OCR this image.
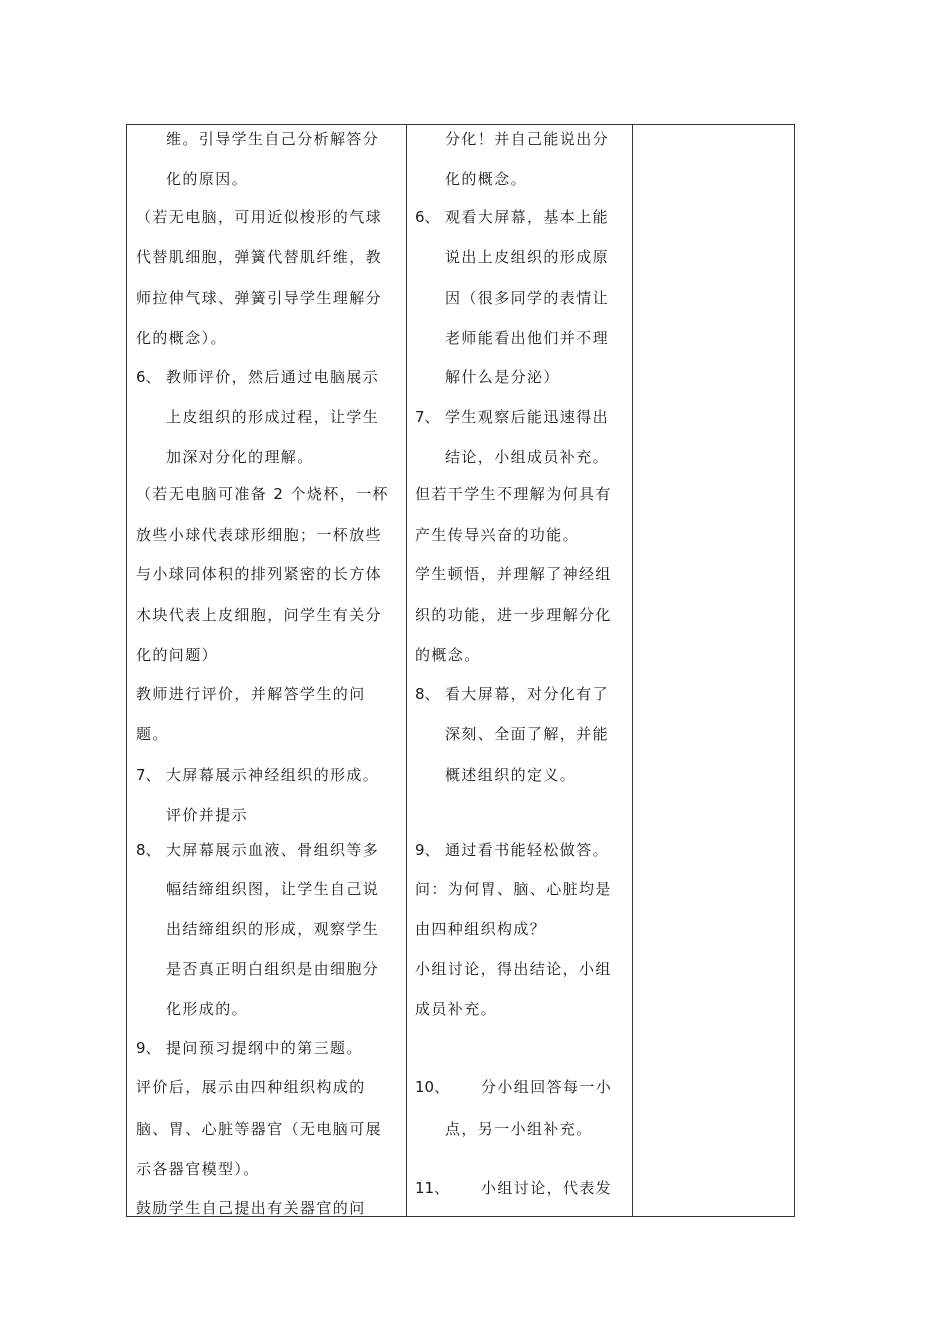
维。引导学生自己分析解答分
化的原因。
（若无电脑，可用近似梭形的气球
代替肌细胞，弹簧代替肌纤维，教
师拉伸气球、弹簧引导学生理解分
化的概念）。
6、 教师评价，然后通过电脑展示
上皮组织的形成过程，让学生
加深对分化的理解。
（若无电脑可准备 2 个烧杯，一杯
放些小球代表球形细胞；一杯放些
与小球同体积的排列紧密的长方体
木块代表上皮细胞，问学生有关分
化的问题）
教师进行评价，并解答学生的问
题。
7、 大屏幕展示神经组织的形成。
评价并提示
8、 大屏幕展示血液、骨组织等多
幅结缔组织图，让学生自己说
出结缔组织的形成，观察学生
是否真正明白组织是由细胞分
化形成的。
9、 提问预习提纲中的第三题。
评价后，展示由四种组织构成的
脑、胃、心脏等器官（无电脑可展
示各器官模型）。
鼓励学生自己提出有关器官的问
分化！并自己能说出分
化的概念。
6、 观看大屏幕，基本上能
说出上皮组织的形成原
因（很多同学的表情让
老师能看出他们并不理
解什么是分泌）
7、 学生观察后能迅速得出
结论，小组成员补充。
但若干学生不理解为何具有
产生传导兴奋的功能。
学生顿悟，并理解了神经组
织的功能，进一步理解分化
的概念。
8、 看大屏幕，对分化有了
深刻、全面了解，并能
概述组织的定义。
9、 通过看书能轻松做答。
问：为何胃、脑、心脏均是
由四种组织构成？
小组讨论，得出结论，小组
成员补充。
10、 分小组回答每一小
点，另一小组补充。
11、 小组讨论，代表发
